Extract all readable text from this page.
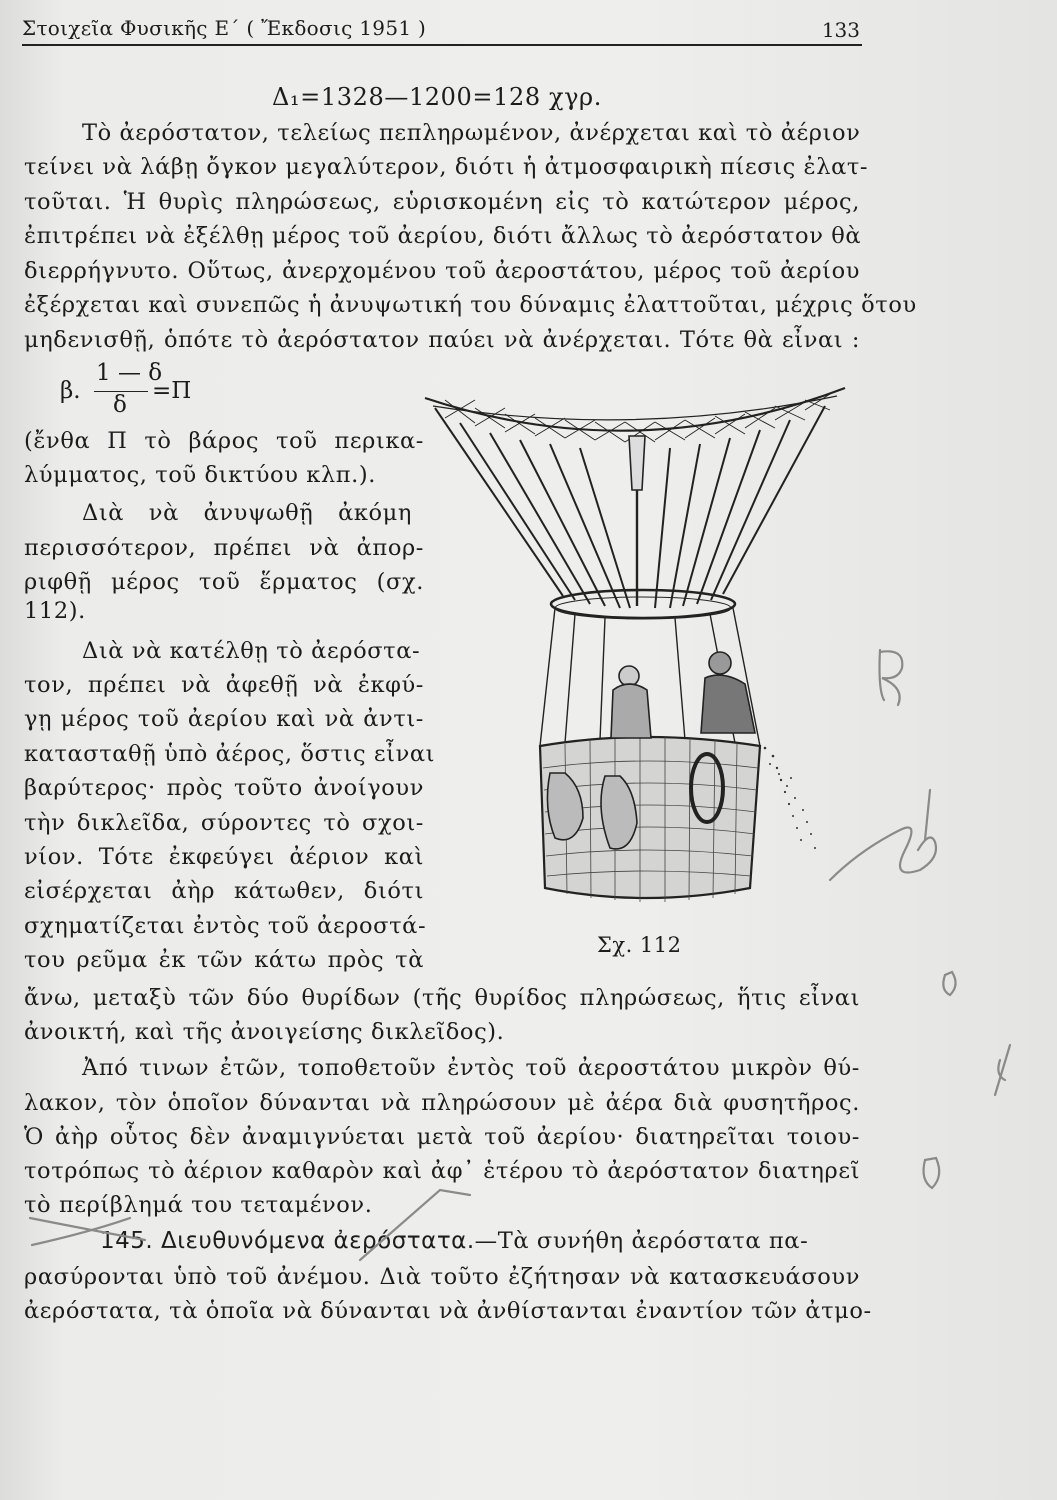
Στοιχεῖα Φυσικῆς Ε΄ ( Ἔκδοσις 1951 )	133
Δ₁=1328—1200=128 χγρ.
Τὸ ἀερόστατον, τελείως πεπληρωμένον, ἀνέρχεται καὶ τὸ ἀέριον
τείνει νὰ λάβῃ ὄγκον μεγαλύτερον, διότι ἡ ἀτμοσφαιρικὴ πίεσις ἐλατ-
τοῦται. Ἡ θυρὶς πληρώσεως, εὑρισκομένη εἰς τὸ κατώτερον μέρος,
ἐπιτρέπει νὰ ἐξέλθῃ μέρος τοῦ ἀερίου, διότι ἄλλως τὸ ἀερόστατον θὰ
διερρήγνυτο. Οὕτως, ἀνερχομένου τοῦ ἀεροστάτου, μέρος τοῦ ἀερίου
ἐξέρχεται καὶ συνεπῶς ἡ ἀνυψωτική του δύναμις ἐλαττοῦται, μέχρις ὅτου
μηδενισθῇ, ὁπότε τὸ ἀερόστατον παύει νὰ ἀνέρχεται. Τότε θὰ εἶναι :
β.
1 — δ
δ
=Π
(ἔνθα Π τὸ βάρος τοῦ περικα-
λύμματος, τοῦ δικτύου κλπ.).
Διὰ νὰ ἀνυψωθῇ ἀκόμη
περισσότερον, πρέπει νὰ ἀπορ-
ριφθῇ μέρος τοῦ ἕρματος (σχ.
112).
Διὰ νὰ κατέλθῃ τὸ ἀερόστα-
τον, πρέπει νὰ ἀφεθῇ νὰ ἐκφύ-
γῃ μέρος τοῦ ἀερίου καὶ νὰ ἀντι-
κατασταθῇ ὑπὸ ἀέρος, ὅστις εἶναι
βαρύτερος· πρὸς τοῦτο ἀνοίγουν
τὴν δικλεῖδα, σύροντες τὸ σχοι-
νίον. Τότε ἐκφεύγει ἀέριον καὶ
εἰσέρχεται ἀὴρ κάτωθεν, διότι
σχηματίζεται ἐντὸς τοῦ ἀεροστά-
του ρεῦμα ἐκ τῶν κάτω πρὸς τὰ
ἄνω, μεταξὺ τῶν δύο θυρίδων (τῆς θυρίδος πληρώσεως, ἥτις εἶναι
ἀνοικτή, καὶ τῆς ἀνοιγείσης δικλεῖδος).
Ἀπό τινων ἐτῶν, τοποθετοῦν ἐντὸς τοῦ ἀεροστάτου μικρὸν θύ-
λακον, τὸν ὁποῖον δύνανται νὰ πληρώσουν μὲ ἀέρα διὰ φυσητῆρος.
Ὁ ἀὴρ οὗτος δὲν ἀναμιγνύεται μετὰ τοῦ ἀερίου· διατηρεῖται τοιου-
τοτρόπως τὸ ἀέριον καθαρὸν καὶ ἀφ᾽ ἑτέρου τὸ ἀερόστατον διατηρεῖ
τὸ περίβλημά του τεταμένον.
145. Διευθυνόμενα ἀερόστατα.—Τὰ συνήθη ἀερόστατα πα-
ρασύρονται ὑπὸ τοῦ ἀνέμου. Διὰ τοῦτο ἐζήτησαν νὰ κατασκευάσουν
ἀερόστατα, τὰ ὁποῖα νὰ δύνανται νὰ ἀνθίστανται ἐναντίον τῶν ἀτμο-
Σχ. 112
